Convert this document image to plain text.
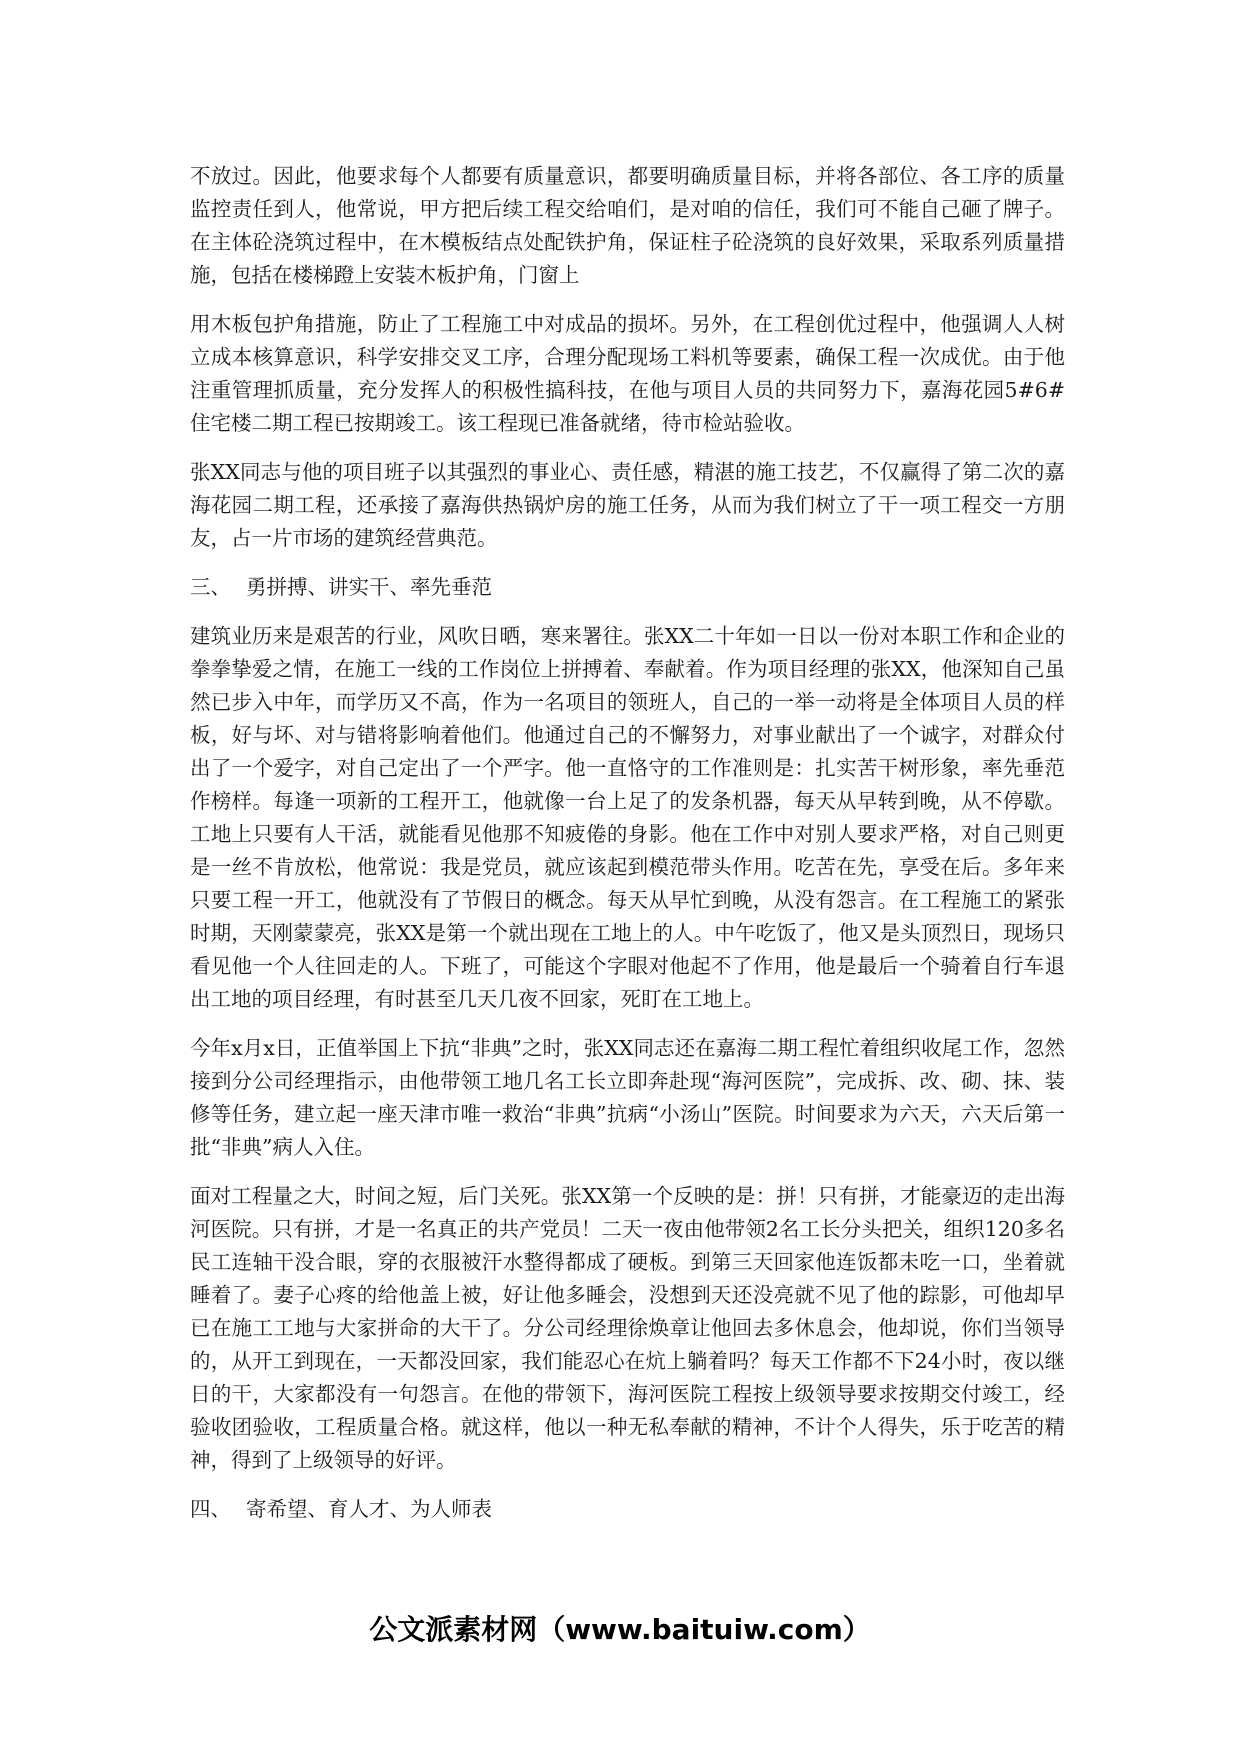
不放过。因此，他要求每个人都要有质量意识，都要明确质量目标，并将各部位、各工序的质量监控责任到人，他常说，甲方把后续工程交给咱们，是对咱的信任，我们可不能自己砸了牌子。在主体砼浇筑过程中，在木模板结点处配铁护角，保证柱子砼浇筑的良好效果，采取系列质量措施，包括在楼梯蹬上安装木板护角，门窗上

用木板包护角措施，防止了工程施工中对成品的损坏。另外，在工程创优过程中，他强调人人树立成本核算意识，科学安排交叉工序，合理分配现场工料机等要素，确保工程一次成优。由于他注重管理抓质量，充分发挥人的积极性搞科技，在他与项目人员的共同努力下，嘉海花园5#6#住宅楼二期工程已按期竣工。该工程现已准备就绪，待市检站验收。

张XX同志与他的项目班子以其强烈的事业心、责任感，精湛的施工技艺，不仅赢得了第二次的嘉海花园二期工程，还承接了嘉海供热锅炉房的施工任务，从而为我们树立了干一项工程交一方朋友，占一片市场的建筑经营典范。

三、 勇拼搏、讲实干、率先垂范

建筑业历来是艰苦的行业，风吹日晒，寒来署往。张XX二十年如一日以一份对本职工作和企业的拳拳挚爱之情，在施工一线的工作岗位上拼搏着、奉献着。作为项目经理的张XX，他深知自己虽然已步入中年，而学历又不高，作为一名项目的领班人，自己的一举一动将是全体项目人员的样板，好与坏、对与错将影响着他们。他通过自己的不懈努力，对事业献出了一个诚字，对群众付出了一个爱字，对自己定出了一个严字。他一直恪守的工作准则是：扎实苦干树形象，率先垂范作榜样。每逢一项新的工程开工，他就像一台上足了的发条机器，每天从早转到晚，从不停歇。工地上只要有人干活，就能看见他那不知疲倦的身影。他在工作中对别人要求严格，对自己则更是一丝不肯放松，他常说：我是党员，就应该起到模范带头作用。吃苦在先，享受在后。多年来只要工程一开工，他就没有了节假日的概念。每天从早忙到晚，从没有怨言。在工程施工的紧张时期，天刚蒙蒙亮，张XX是第一个就出现在工地上的人。中午吃饭了，他又是头顶烈日，现场只看见他一个人往回走的人。下班了，可能这个字眼对他起不了作用，他是最后一个骑着自行车退出工地的项目经理，有时甚至几天几夜不回家，死盯在工地上。

今年x月x日，正值举国上下抗“非典”之时，张XX同志还在嘉海二期工程忙着组织收尾工作，忽然接到分公司经理指示，由他带领工地几名工长立即奔赴现“海河医院”，完成拆、改、砌、抹、装修等任务，建立起一座天津市唯一救治“非典”抗病“小汤山”医院。时间要求为六天，六天后第一批“非典”病人入住。

面对工程量之大，时间之短，后门关死。张XX第一个反映的是：拼！只有拼，才能豪迈的走出海河医院。只有拼，才是一名真正的共产党员！二天一夜由他带领2名工长分头把关，组织120多名民工连轴干没合眼，穿的衣服被汗水整得都成了硬板。到第三天回家他连饭都未吃一口，坐着就睡着了。妻子心疼的给他盖上被，好让他多睡会，没想到天还没亮就不见了他的踪影，可他却早已在施工工地与大家拼命的大干了。分公司经理徐焕章让他回去多休息会，他却说，你们当领导的，从开工到现在，一天都没回家，我们能忍心在炕上躺着吗？每天工作都不下24小时，夜以继日的干，大家都没有一句怨言。在他的带领下，海河医院工程按上级领导要求按期交付竣工，经验收团验收，工程质量合格。就这样，他以一种无私奉献的精神，不计个人得失，乐于吃苦的精神，得到了上级领导的好评。

四、 寄希望、育人才、为人师表
公文派素材网（www.baituiw.com）
